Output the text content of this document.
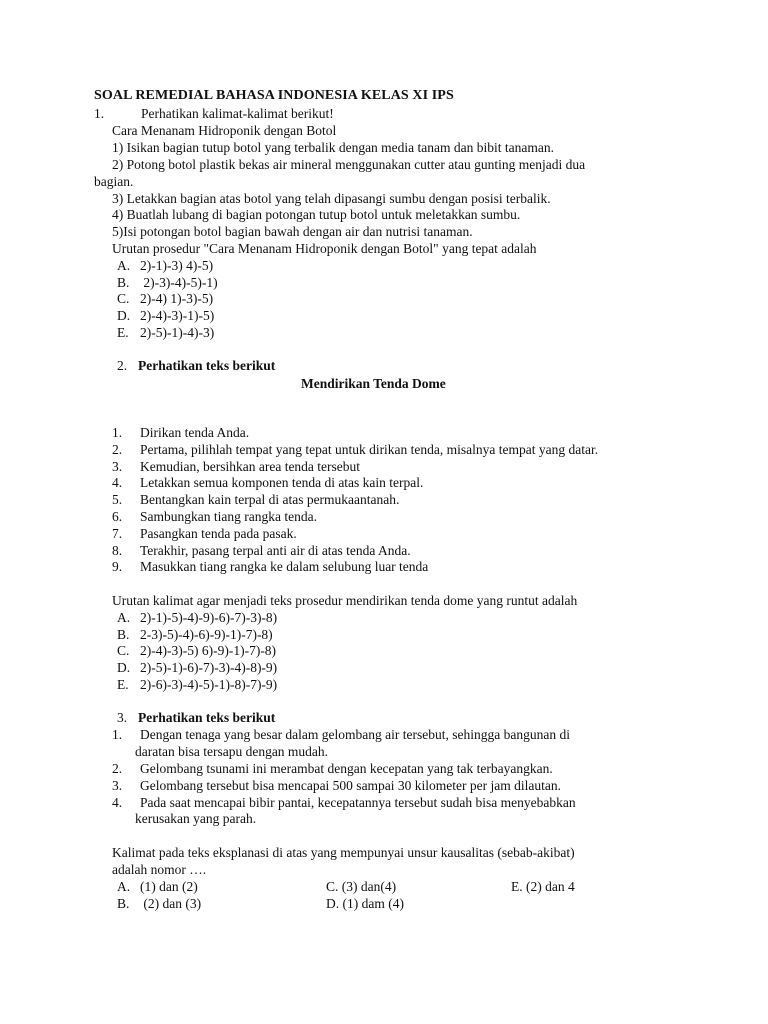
SOAL REMEDIAL BAHASA INDONESIA KELAS XI IPS
1.	Perhatikan kalimat-kalimat berikut!
Cara Menanam Hidroponik dengan Botol
1) Isikan bagian tutup botol yang terbalik dengan media tanam dan bibit tanaman.
2) Potong botol plastik bekas air mineral menggunakan cutter atau gunting menjadi dua
bagian.
3) Letakkan bagian atas botol yang telah dipasangi sumbu dengan posisi terbalik.
4) Buatlah lubang di bagian potongan tutup botol untuk meletakkan sumbu.
5)Isi potongan botol bagian bawah dengan air dan nutrisi tanaman.
Urutan prosedur "Cara Menanam Hidroponik dengan Botol" yang tepat adalah
A. 2)-1)-3) 4)-5)
B. 2)-3)-4)-5)-1)
C. 2)-4) 1)-3)-5)
D. 2)-4)-3)-1)-5)
E. 2)-5)-1)-4)-3)
2. Perhatikan teks berikut
Mendirikan Tenda Dome
1. Dirikan tenda Anda.
2. Pertama, pilihlah tempat yang tepat untuk dirikan tenda, misalnya tempat yang datar.
3. Kemudian, bersihkan area tenda tersebut
4. Letakkan semua komponen tenda di atas kain terpal.
5. Bentangkan kain terpal di atas permukaantanah.
6. Sambungkan tiang rangka tenda.
7. Pasangkan tenda pada pasak.
8. Terakhir, pasang terpal anti air di atas tenda Anda.
9. Masukkan tiang rangka ke dalam selubung luar tenda
Urutan kalimat agar menjadi teks prosedur mendirikan tenda dome yang runtut adalah
A. 2)-1)-5)-4)-9)-6)-7)-3)-8)
B. 2-3)-5)-4)-6)-9)-1)-7)-8)
C. 2)-4)-3)-5) 6)-9)-1)-7)-8)
D. 2)-5)-1)-6)-7)-3)-4)-8)-9)
E. 2)-6)-3)-4)-5)-1)-8)-7)-9)
3. Perhatikan teks berikut
1. Dengan tenaga yang besar dalam gelombang air tersebut, sehingga bangunan di
daratan bisa tersapu dengan mudah.
2. Gelombang tsunami ini merambat dengan kecepatan yang tak terbayangkan.
3. Gelombang tersebut bisa mencapai 500 sampai 30 kilometer per jam dilautan.
4. Pada saat mencapai bibir pantai, kecepatannya tersebut sudah bisa menyebabkan
kerusakan yang parah.
Kalimat pada teks eksplanasi di atas yang mempunyai unsur kausalitas (sebab-akibat)
adalah nomor ….
A. (1) dan (2)	C. (3) dan(4)	E. (2) dan 4
B. (2) dan (3)	D. (1) dam (4)
